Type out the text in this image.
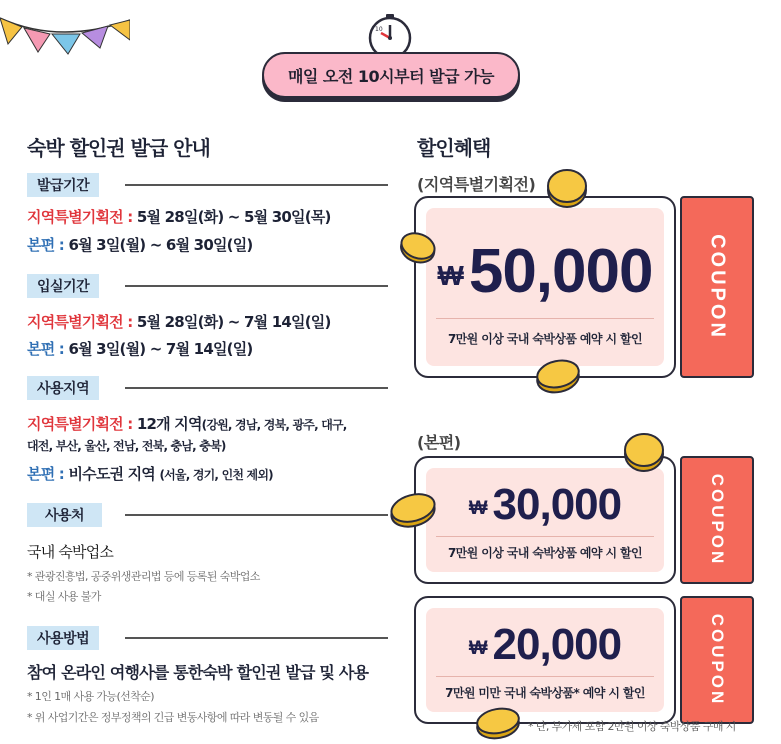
10
매일 오전 10시부터 발급 가능
숙박 할인권 발급 안내
발급기간
지역특별기획전 : 5월 28일(화) ~ 5월 30일(목)
본편 : 6월 3일(월) ~ 6월 30일(일)
입실기간
지역특별기획전 : 5월 28일(화) ~ 7월 14일(일)
본편 : 6월 3일(월) ~ 7월 14일(일)
사용지역
지역특별기획전 : 12개 지역(강원, 경남, 경북, 광주, 대구,
대전, 부산, 울산, 전남, 전북, 충남, 충북)
본편 : 비수도권 지역 (서울, 경기, 인천 제외)
사용처
국내 숙박업소
* 관광진흥법, 공중위생관리법 등에 등록된 숙박업소
* 대실 사용 불가
사용방법
참여 온라인 여행사를 통한숙박 할인권 발급 및 사용
* 1인 1매 사용 가능(선착순)
* 위 사업기간은 정부정책의 긴급 변동사항에 따라 변동될 수 있음
할인혜택
(지역특별기획전)
₩50,000
7만원 이상 국내 숙박상품 예약 시 할인	COUPON
(본편)
₩ 30,000
7만원 이상 국내 숙박상품 예약 시 할인	COUPON
₩ 20,000
7만원 미만 국내 숙박상품* 예약 시 할인	COUPON
* 단, 부가세 포함 2만원 이상 숙박상품 구매 시
